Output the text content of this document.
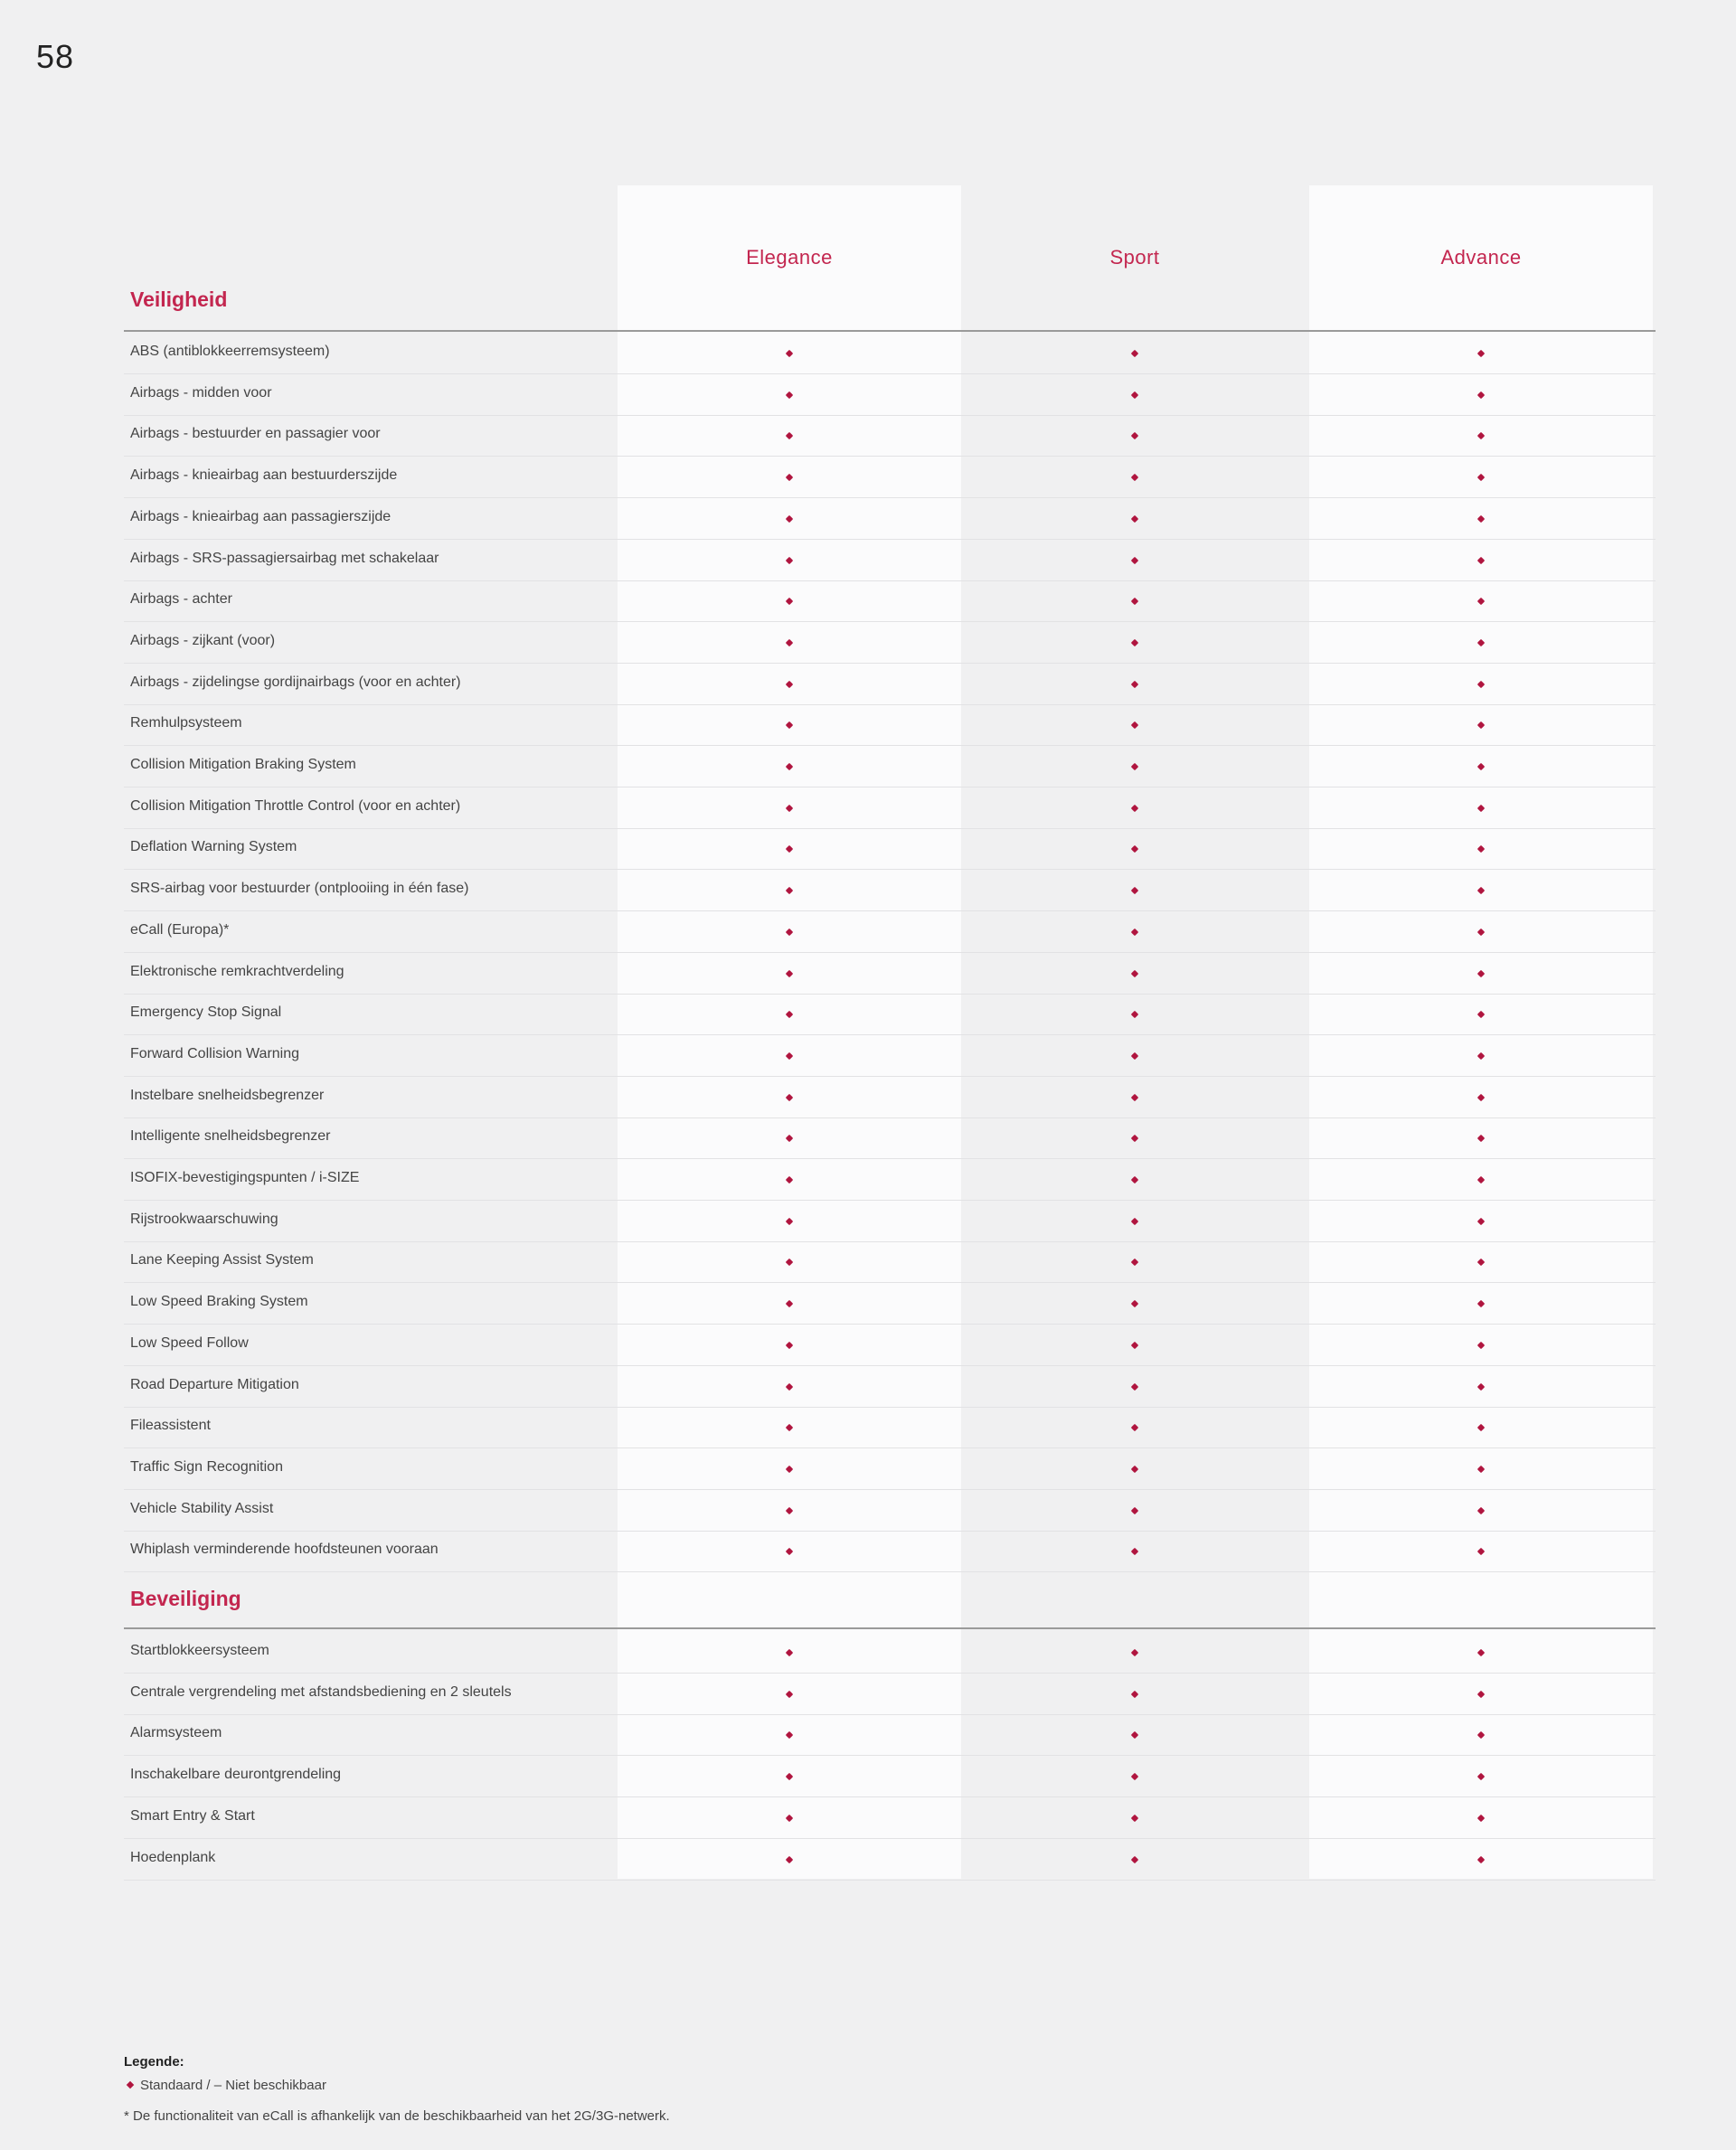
58
Elegance	Sport	Advance
Veiligheid
ABS (antiblokkeerremsysteem)
Airbags - midden voor
Airbags - bestuurder en passagier voor
Airbags - knieairbag aan bestuurderszijde
Airbags - knieairbag aan passagierszijde
Airbags - SRS-passagiersairbag met schakelaar
Airbags - achter
Airbags - zijkant (voor)
Airbags - zijdelingse gordijnairbags (voor en achter)
Remhulpsysteem
Collision Mitigation Braking System
Collision Mitigation Throttle Control (voor en achter)
Deflation Warning System
SRS-airbag voor bestuurder (ontplooiing in één fase)
eCall (Europa)*
Elektronische remkrachtverdeling
Emergency Stop Signal
Forward Collision Warning
Instelbare snelheidsbegrenzer
Intelligente snelheidsbegrenzer
ISOFIX-bevestigingspunten / i-SIZE
Rijstrookwaarschuwing
Lane Keeping Assist System
Low Speed Braking System
Low Speed Follow
Road Departure Mitigation
Fileassistent
Traffic Sign Recognition
Vehicle Stability Assist
Whiplash verminderende hoofdsteunen vooraan
Beveiliging
Startblokkeersysteem
Centrale vergrendeling met afstandsbediening en 2 sleutels
Alarmsysteem
Inschakelbare deurontgrendeling
Smart Entry & Start
Hoedenplank
Legende:
Standaard / – Niet beschikbaar
* De functionaliteit van eCall is afhankelijk van de beschikbaarheid van het 2G/3G-netwerk.
